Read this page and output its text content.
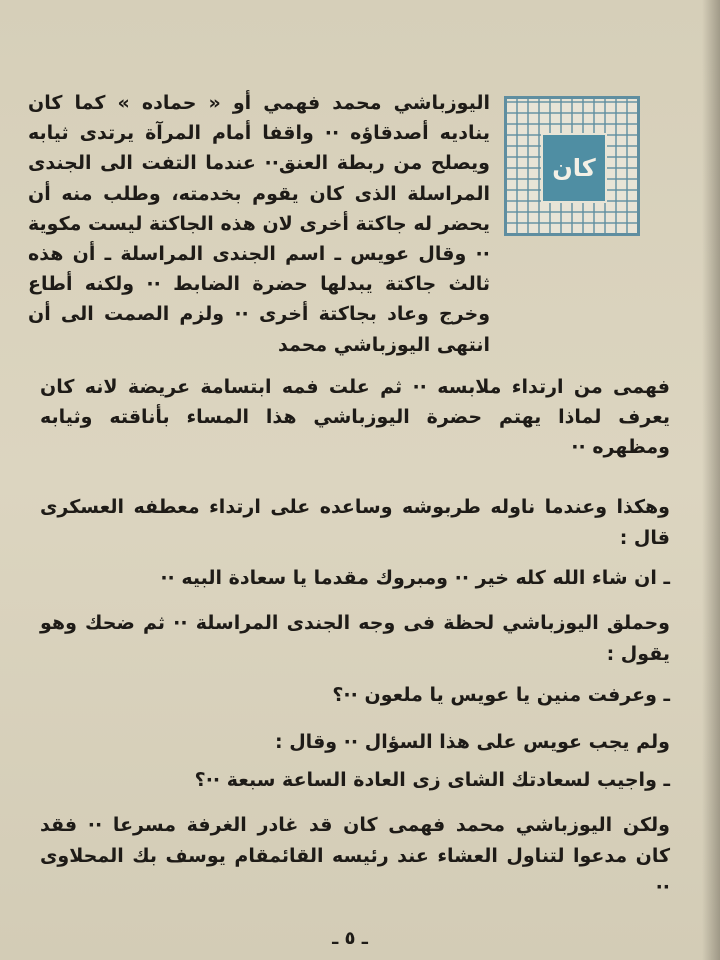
كان
اليوزباشي محمد فهمي أو « حماده » كما كان يناديه أصدقاؤه ·· واقفا أمام المرآة يرتدى ثيابه ويصلح من ربطة العنق·· عندما التفت الى الجندى المراسلة الذى كان يقوم بخدمته، وطلب منه أن يحضر له جاكتة أخرى لان هذه الجاكتة ليست مكوية ·· وقال عويس ـ اسم الجندى المراسلة ـ أن هذه ثالث جاكتة يبدلها حضرة الضابط ·· ولكنه أطاع وخرج وعاد بجاكتة أخرى ·· ولزم الصمت الى أن انتهى اليوزباشي محمد
فهمى من ارتداء ملابسه ·· ثم علت فمه ابتسامة عريضة لانه كان يعرف لماذا يهتم حضرة اليوزباشي هذا المساء بأناقته وثيابه ومظهره ··
وهكذا وعندما ناوله طربوشه وساعده على ارتداء معطفه العسكرى قال :
ـ ان شاء الله كله خير ·· ومبروك مقدما يا سعادة البيه ··
وحملق اليوزباشي لحظة فى وجه الجندى المراسلة ·· ثم ضحك وهو يقول :
ـ وعرفت منين يا عويس يا ملعون ··؟
ولم يجب عويس على هذا السؤال ·· وقال :
ـ واجيب لسعادتك الشاى زى العادة الساعة سبعة ··؟
ولكن اليوزباشي محمد فهمى كان قد غادر الغرفة مسرعا ·· فقد كان مدعوا لتناول العشاء عند رئيسه القائمقام يوسف بك المحلاوى ··
ـ ٥ ـ
